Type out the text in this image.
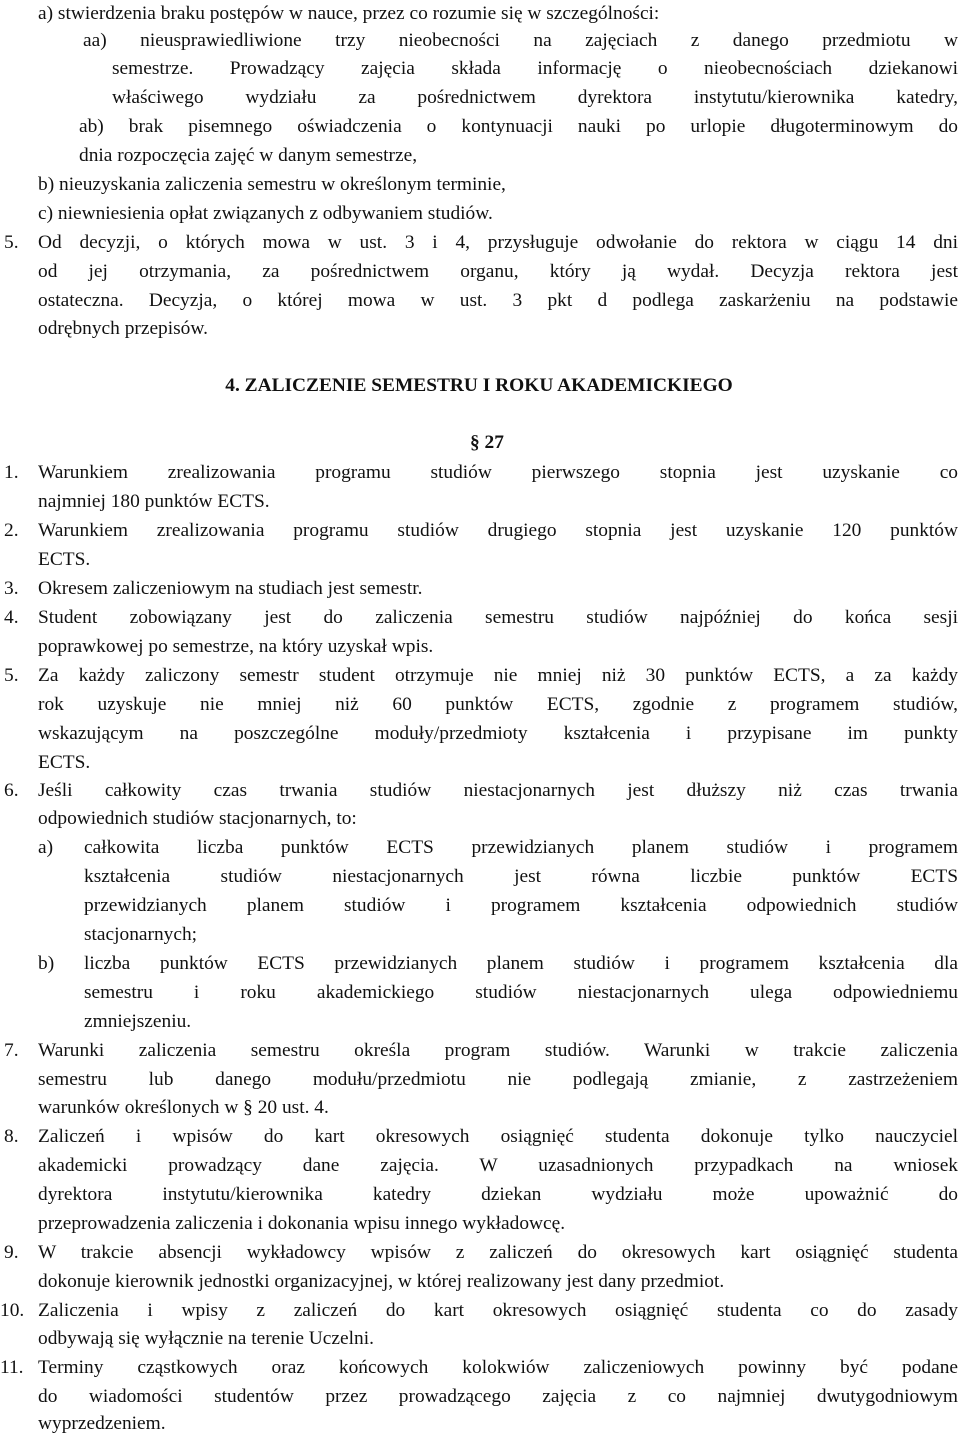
a) stwierdzenia braku postępów w nauce, przez co rozumie się w szczególności:
aa) nieusprawiedliwione trzy nieobecności na zajęciach z danego przedmiotu w
semestrze. Prowadzący zajęcia składa informację o nieobecnościach dziekanowi
właściwego wydziału za pośrednictwem dyrektora instytutu/kierownika katedry,
ab) brak pisemnego oświadczenia o kontynuacji nauki po urlopie długoterminowym do
dnia rozpoczęcia zajęć w danym semestrze,
b) nieuzyskania zaliczenia semestru w określonym terminie,
c) niewniesienia opłat związanych z odbywaniem studiów.
5. Od decyzji, o których mowa w ust. 3 i 4, przysługuje odwołanie do rektora w ciągu 14 dni
od jej otrzymania, za pośrednictwem organu, który ją wydał. Decyzja rektora jest
ostateczna. Decyzja, o której mowa w ust. 3 pkt d podlega zaskarżeniu na podstawie
odrębnych przepisów.
4. ZALICZENIE SEMESTRU I ROKU AKADEMICKIEGO
§ 27
1. Warunkiem zrealizowania programu studiów pierwszego stopnia jest uzyskanie co
najmniej 180 punktów ECTS.
2. Warunkiem zrealizowania programu studiów drugiego stopnia jest uzyskanie 120 punktów
ECTS.
3. Okresem zaliczeniowym na studiach jest semestr.
4. Student zobowiązany jest do zaliczenia semestru studiów najpóźniej do końca sesji
poprawkowej po semestrze, na który uzyskał wpis.
5. Za każdy zaliczony semestr student otrzymuje nie mniej niż 30 punktów ECTS, a za każdy
rok uzyskuje nie mniej niż 60 punktów ECTS, zgodnie z programem studiów,
wskazującym na poszczególne moduły/przedmioty kształcenia i przypisane im punkty
ECTS.
6. Jeśli całkowity czas trwania studiów niestacjonarnych jest dłuższy niż czas trwania
odpowiednich studiów stacjonarnych, to:
a) całkowita liczba punktów ECTS przewidzianych planem studiów i programem
kształcenia studiów niestacjonarnych jest równa liczbie punktów ECTS
przewidzianych planem studiów i programem kształcenia odpowiednich studiów
stacjonarnych;
b) liczba punktów ECTS przewidzianych planem studiów i programem kształcenia dla
semestru i roku akademickiego studiów niestacjonarnych ulega odpowiedniemu
zmniejszeniu.
7. Warunki zaliczenia semestru określa program studiów. Warunki w trakcie zaliczenia
semestru lub danego modułu/przedmiotu nie podlegają zmianie, z zastrzeżeniem
warunków określonych w § 20 ust. 4.
8. Zaliczeń i wpisów do kart okresowych osiągnięć studenta dokonuje tylko nauczyciel
akademicki prowadzący dane zajęcia. W uzasadnionych przypadkach na wniosek
dyrektora instytutu/kierownika katedry dziekan wydziału może upoważnić do
przeprowadzenia zaliczenia i dokonania wpisu innego wykładowcę.
9. W trakcie absencji wykładowcy wpisów z zaliczeń do okresowych kart osiągnięć studenta
dokonuje kierownik jednostki organizacyjnej, w której realizowany jest dany przedmiot.
10. Zaliczenia i wpisy z zaliczeń do kart okresowych osiągnięć studenta co do zasady
odbywają się wyłącznie na terenie Uczelni.
11. Terminy cząstkowych oraz końcowych kolokwiów zaliczeniowych powinny być podane
do wiadomości studentów przez prowadzącego zajęcia z co najmniej dwutygodniowym
wyprzedzeniem.
